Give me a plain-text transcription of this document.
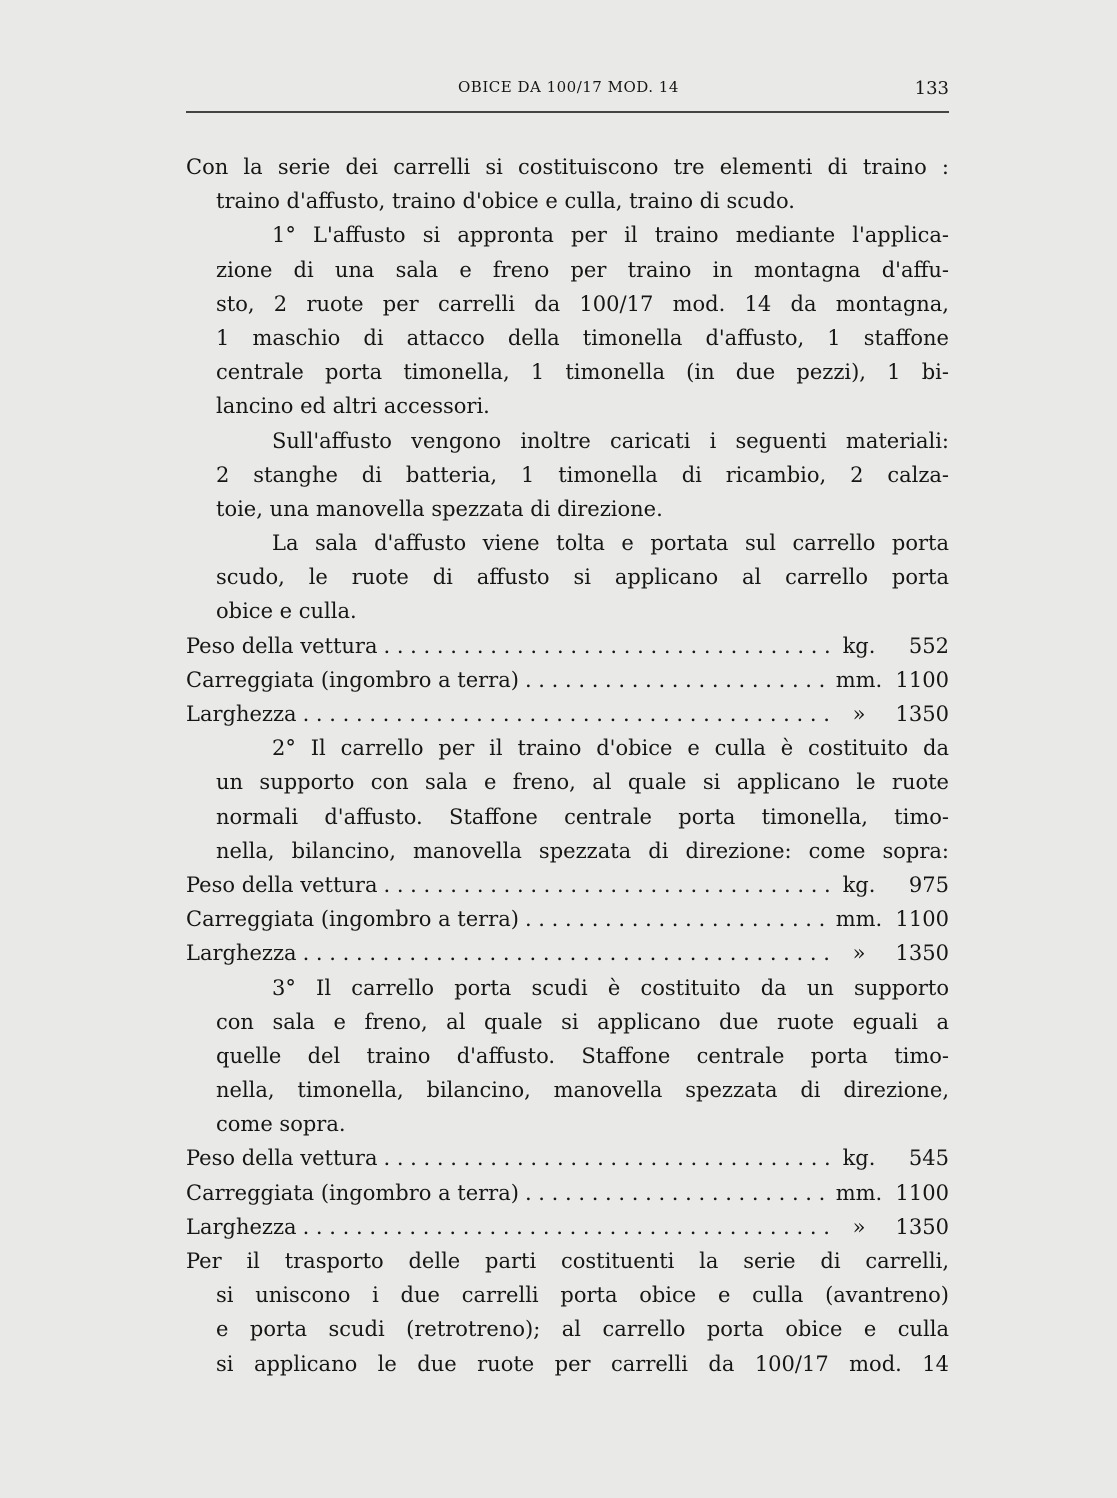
OBICE DA 100/17 MOD. 14	133
Con la serie dei carrelli si costituiscono tre elementi di traino :
traino d'affusto, traino d'obice e culla, traino di scudo.
1° L'affusto si appronta per il traino mediante l'applica-
zione di una sala e freno per traino in montagna d'affu-
sto, 2 ruote per carrelli da 100/17 mod. 14 da montagna,
1 maschio di attacco della timonella d'affusto, 1 staffone
centrale porta timonella, 1 timonella (in due pezzi), 1 bi-
lancino ed altri accessori.
Sull'affusto vengono inoltre caricati i seguenti materiali:
2 stanghe di batteria, 1 timonella di ricambio, 2 calza-
toie, una manovella spezzata di direzione.
La sala d'affusto viene tolta e portata sul carrello porta
scudo, le ruote di affusto si applicano al carrello porta
obice e culla.
Peso della vettura . . .	kg.	552
Carreggiata (ingombro a terra) . . .	mm. 1100
Larghezza . . .	»	1350
2° Il carrello per il traino d'obice e culla è costituito da
un supporto con sala e freno, al quale si applicano le ruote
normali d'affusto. Staffone centrale porta timonella, timo-
nella, bilancino, manovella spezzata di direzione: come sopra:
Peso della vettura . . .	kg.	975
Carreggiata (ingombro a terra) . . .	mm. 1100
Larghezza . . .	»	1350
3° Il carrello porta scudi è costituito da un supporto
con sala e freno, al quale si applicano due ruote eguali a
quelle del traino d'affusto. Staffone centrale porta timo-
nella, timonella, bilancino, manovella spezzata di direzione,
come sopra.
Peso della vettura . . .	kg.	545
Carreggiata (ingombro a terra) . . .	mm. 1100
Larghezza . . .	»	1350
Per il trasporto delle parti costituenti la serie di carrelli,
si uniscono i due carrelli porta obice e culla (avantreno)
e porta scudi (retrotreno); al carrello porta obice e culla
si applicano le due ruote per carrelli da 100/17 mod. 14
